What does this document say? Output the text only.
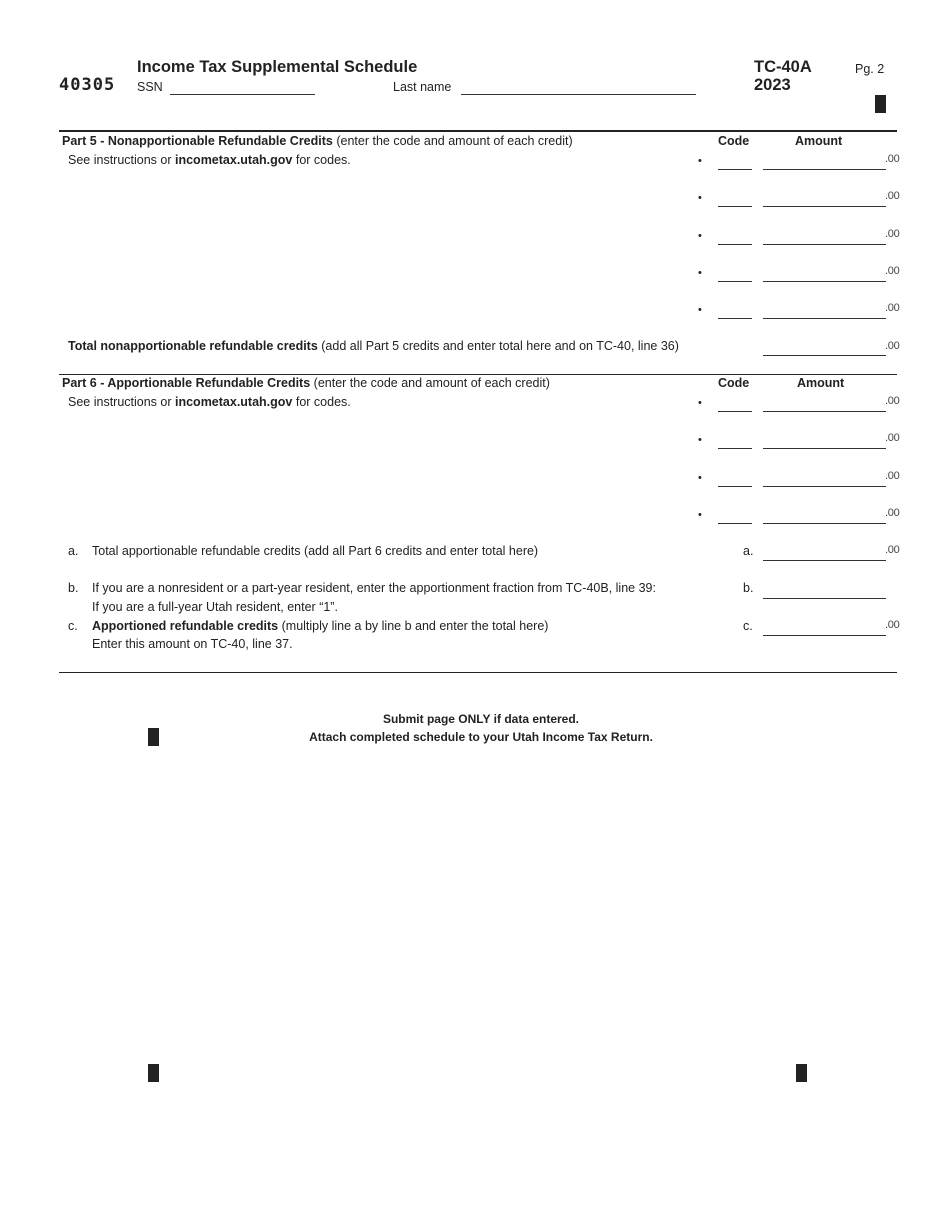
40305
Income Tax Supplemental Schedule
SSN	Last name
TC-40A
2023
Pg. 2
Part 5 - Nonapportionable Refundable Credits (enter the code and amount of each credit)
See instructions or incometax.utah.gov for codes.
Code	Amount
•	.00
•	.00
•	.00
•	.00
•	.00
Total nonapportionable refundable credits (add all Part 5 credits and enter total here and on TC-40, line 36)	.00
Part 6 - Apportionable Refundable Credits (enter the code and amount of each credit)
See instructions or incometax.utah.gov for codes.
Code	Amount
•	.00
•	.00
•	.00
•	.00
a. Total apportionable refundable credits (add all Part 6 credits and enter total here)	a.	.00
b. If you are a nonresident or a part-year resident, enter the apportionment fraction from TC-40B, line 39:
If you are a full-year Utah resident, enter “1”.
b.
c. Apportioned refundable credits (multiply line a by line b and enter the total here)
Enter this amount on TC-40, line 37.
c.	.00
Submit page ONLY if data entered.
Attach completed schedule to your Utah Income Tax Return.
